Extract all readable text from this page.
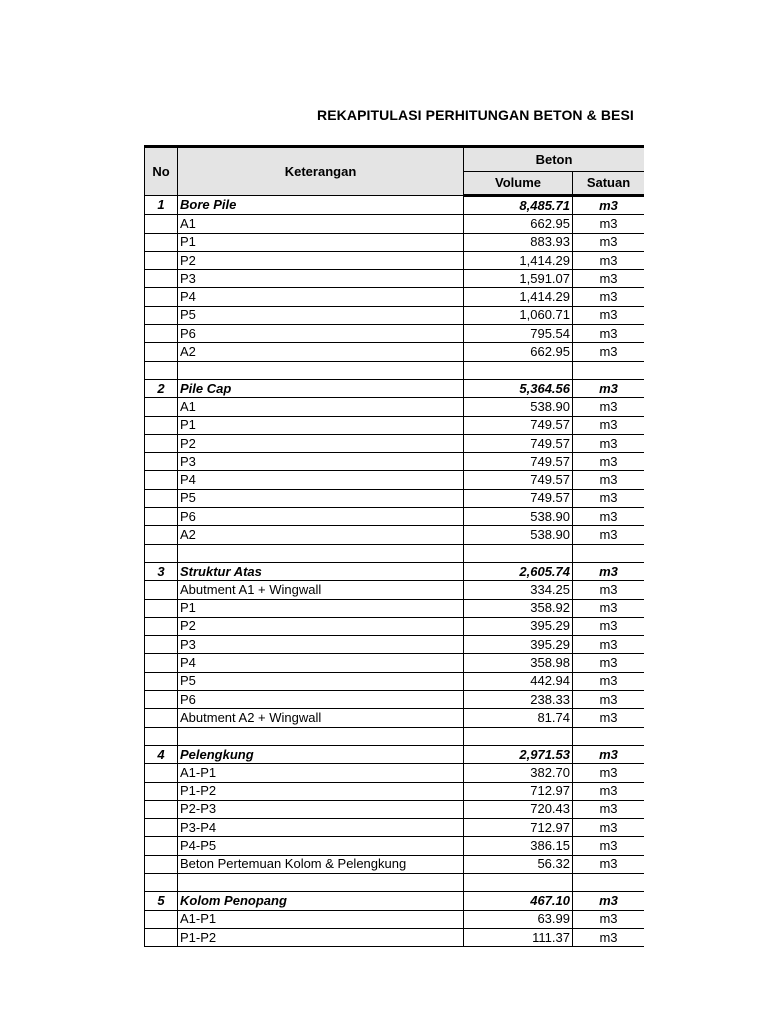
REKAPITULASI PERHITUNGAN BETON & BESI
No	Keterangan	Beton		
		Volume	Satuan	
1	Bore Pile	8,485.71	m3	
	A1	662.95	m3	
	P1	883.93	m3	
	P2	1,414.29	m3	
	P3	1,591.07	m3	
	P4	1,414.29	m3	
	P5	1,060.71	m3	
	P6	795.54	m3	
	A2	662.95	m3	

2	Pile Cap	5,364.56	m3	
	A1	538.90	m3	
	P1	749.57	m3	
	P2	749.57	m3	
	P3	749.57	m3	
	P4	749.57	m3	
	P5	749.57	m3	
	P6	538.90	m3	
	A2	538.90	m3	

3	Struktur Atas	2,605.74	m3	
	Abutment A1 + Wingwall	334.25	m3	
	P1	358.92	m3	
	P2	395.29	m3	
	P3	395.29	m3	
	P4	358.98	m3	
	P5	442.94	m3	
	P6	238.33	m3	
	Abutment A2 + Wingwall	81.74	m3	

4	Pelengkung	2,971.53	m3	
	A1-P1	382.70	m3	
	P1-P2	712.97	m3	
	P2-P3	720.43	m3	
	P3-P4	712.97	m3	
	P4-P5	386.15	m3	
	Beton Pertemuan Kolom & Pelengkung	56.32	m3	

5	Kolom Penopang	467.10	m3	
	A1-P1	63.99	m3	
	P1-P2	111.37	m3	
